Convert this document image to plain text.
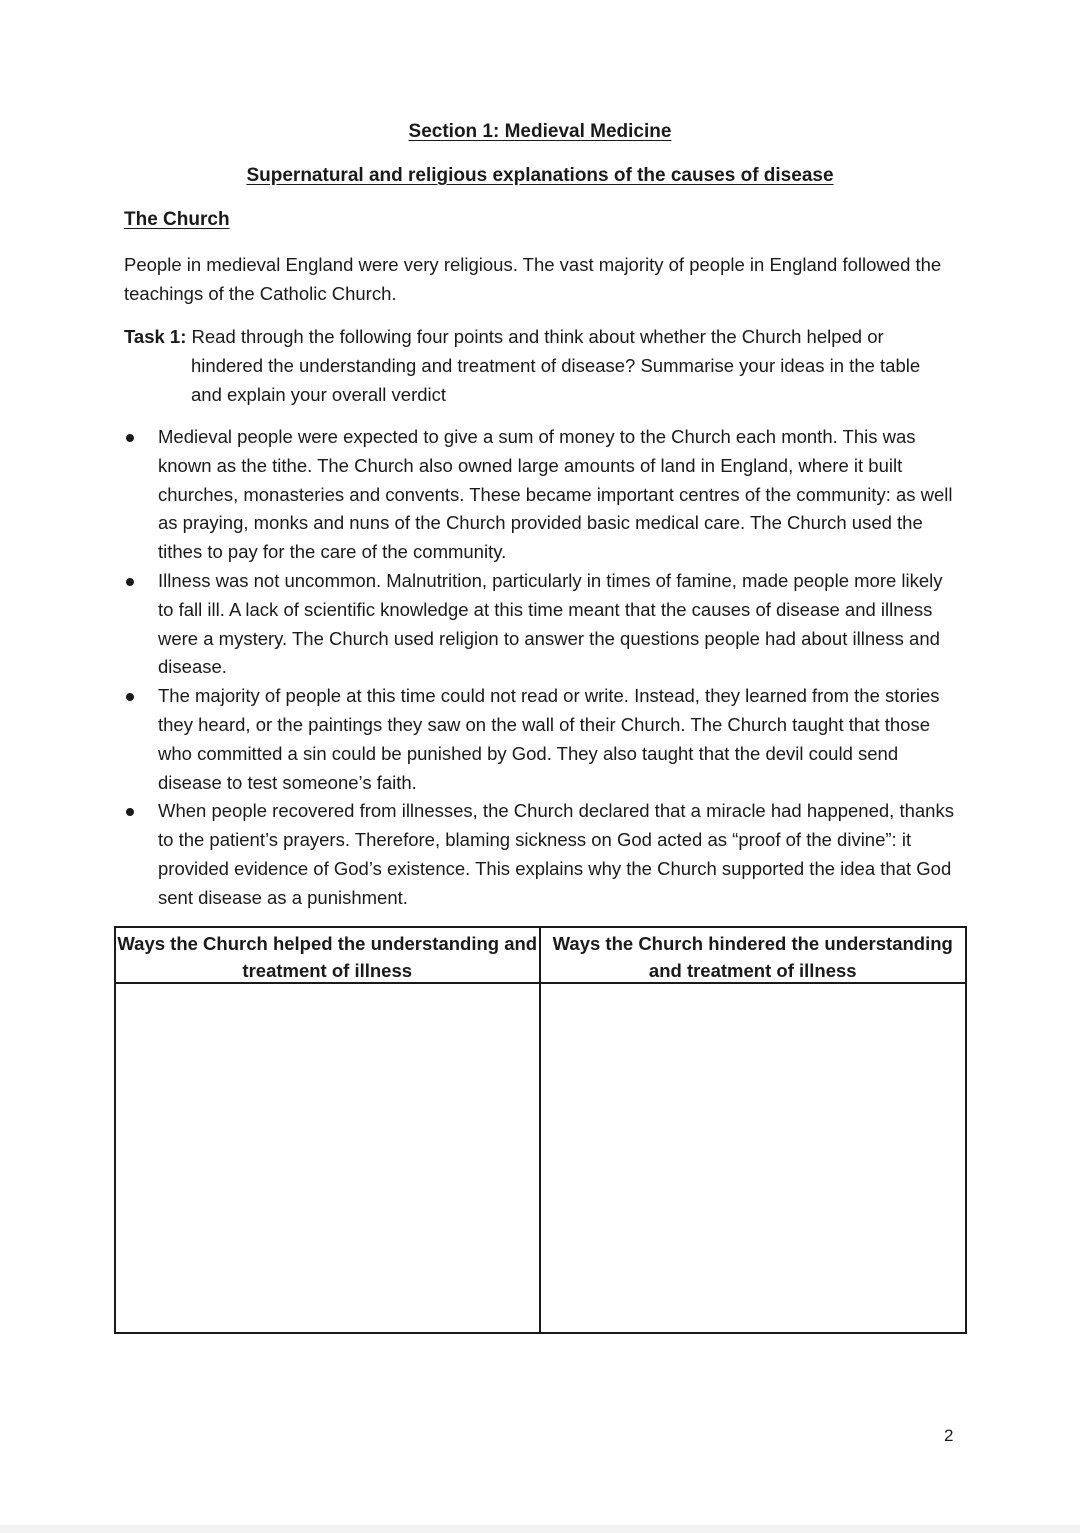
Section 1: Medieval Medicine
Supernatural and religious explanations of the causes of disease
The Church

People in medieval England were very religious. The vast majority of people in England followed the teachings of the Catholic Church.

Task 1: Read through the following four points and think about whether the Church helped or hindered the understanding and treatment of disease? Summarise your ideas in the table and explain your overall verdict

Medieval people were expected to give a sum of money to the Church each month. This was known as the tithe. The Church also owned large amounts of land in England, where it built churches, monasteries and convents. These became important centres of the community: as well as praying, monks and nuns of the Church provided basic medical care. The Church used the tithes to pay for the care of the community.
Illness was not uncommon. Malnutrition, particularly in times of famine, made people more likely to fall ill. A lack of scientific knowledge at this time meant that the causes of disease and illness were a mystery. The Church used religion to answer the questions people had about illness and disease.
The majority of people at this time could not read or write. Instead, they learned from the stories they heard, or the paintings they saw on the wall of their Church. The Church taught that those who committed a sin could be punished by God. They also taught that the devil could send disease to test someone’s faith.
When people recovered from illnesses, the Church declared that a miracle had happened, thanks to the patient’s prayers. Therefore, blaming sickness on God acted as “proof of the divine”: it provided evidence of God’s existence. This explains why the Church supported the idea that God sent disease as a punishment.
Ways the Church helped the understanding and treatment of illness
Ways the Church hindered the understanding and treatment of illness
2
